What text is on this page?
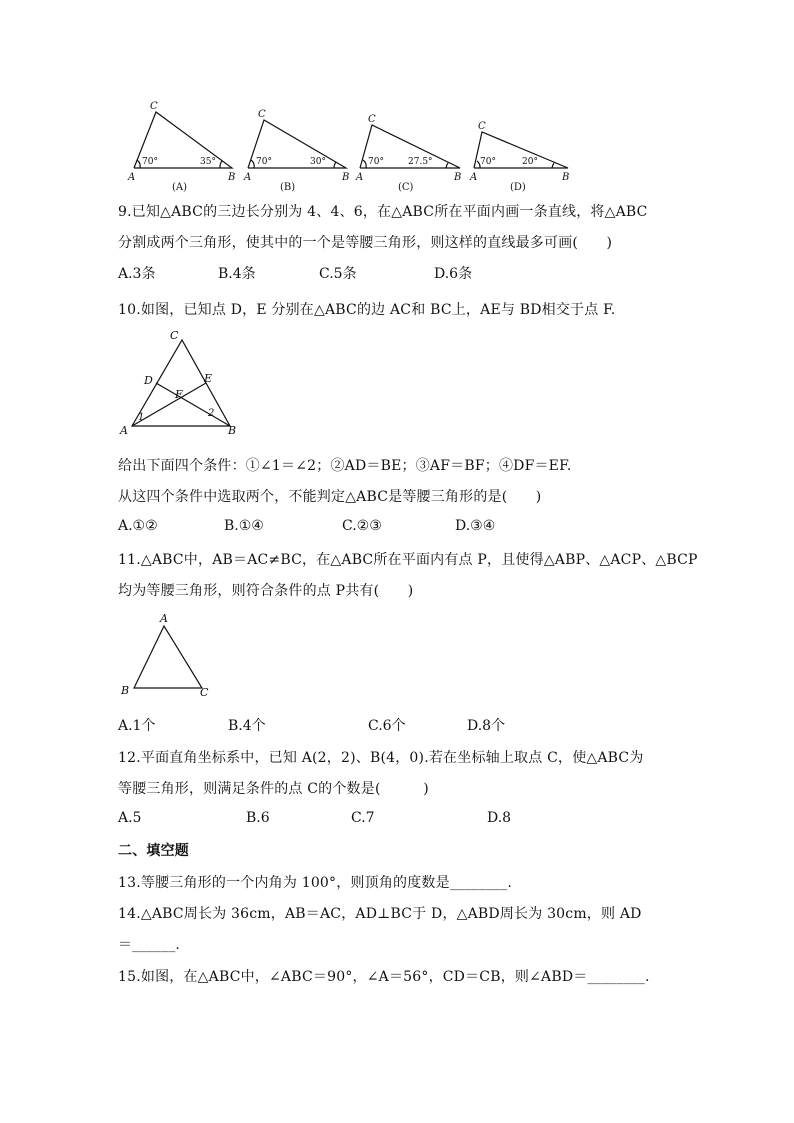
C
70°	35°
A	B
(A)
C
70°	30°
A	B
(B)
C
70°	27.5°
A	B
(C)
C
70°	20°
A	B
(D)
9.已知△ABC的三边长分别为 4、4、6，在△ABC所在平面内画一条直线，将△ABC
分割成两个三角形，使其中的一个是等腰三角形，则这样的直线最多可画(　　)
A.3条	B.4条	C.5条	D.6条
10.如图，已知点 D，E 分别在△ABC的边 AC和 BC上，AE与 BD相交于点 F.
C
D	E
F
1	2
A	B
给出下面四个条件：①∠1＝∠2；②AD＝BE；③AF＝BF；④DF＝EF.
从这四个条件中选取两个，不能判定△ABC是等腰三角形的是(　　)
A.①②	B.①④	C.②③	D.③④
11.△ABC中，AB＝AC≠BC，在△ABC所在平面内有点 P，且使得△ABP、△ACP、△BCP
均为等腰三角形，则符合条件的点 P共有(　　)
A
B	C
A.1个	B.4个	C.6个	D.8个
12.平面直角坐标系中，已知 A(2，2)、B(4，0).若在坐标轴上取点 C，使△ABC为
等腰三角形，则满足条件的点 C的个数是(　　　)
A.5	B.6	C.7	D.8
二、填空题
13.等腰三角形的一个内角为 100°，则顶角的度数是________.
14.△ABC周长为 36cm，AB＝AC，AD⊥BC于 D，△ABD周长为 30cm，则 AD
＝______.
15.如图，在△ABC中，∠ABC＝90°，∠A＝56°，CD＝CB，则∠ABD＝________.
